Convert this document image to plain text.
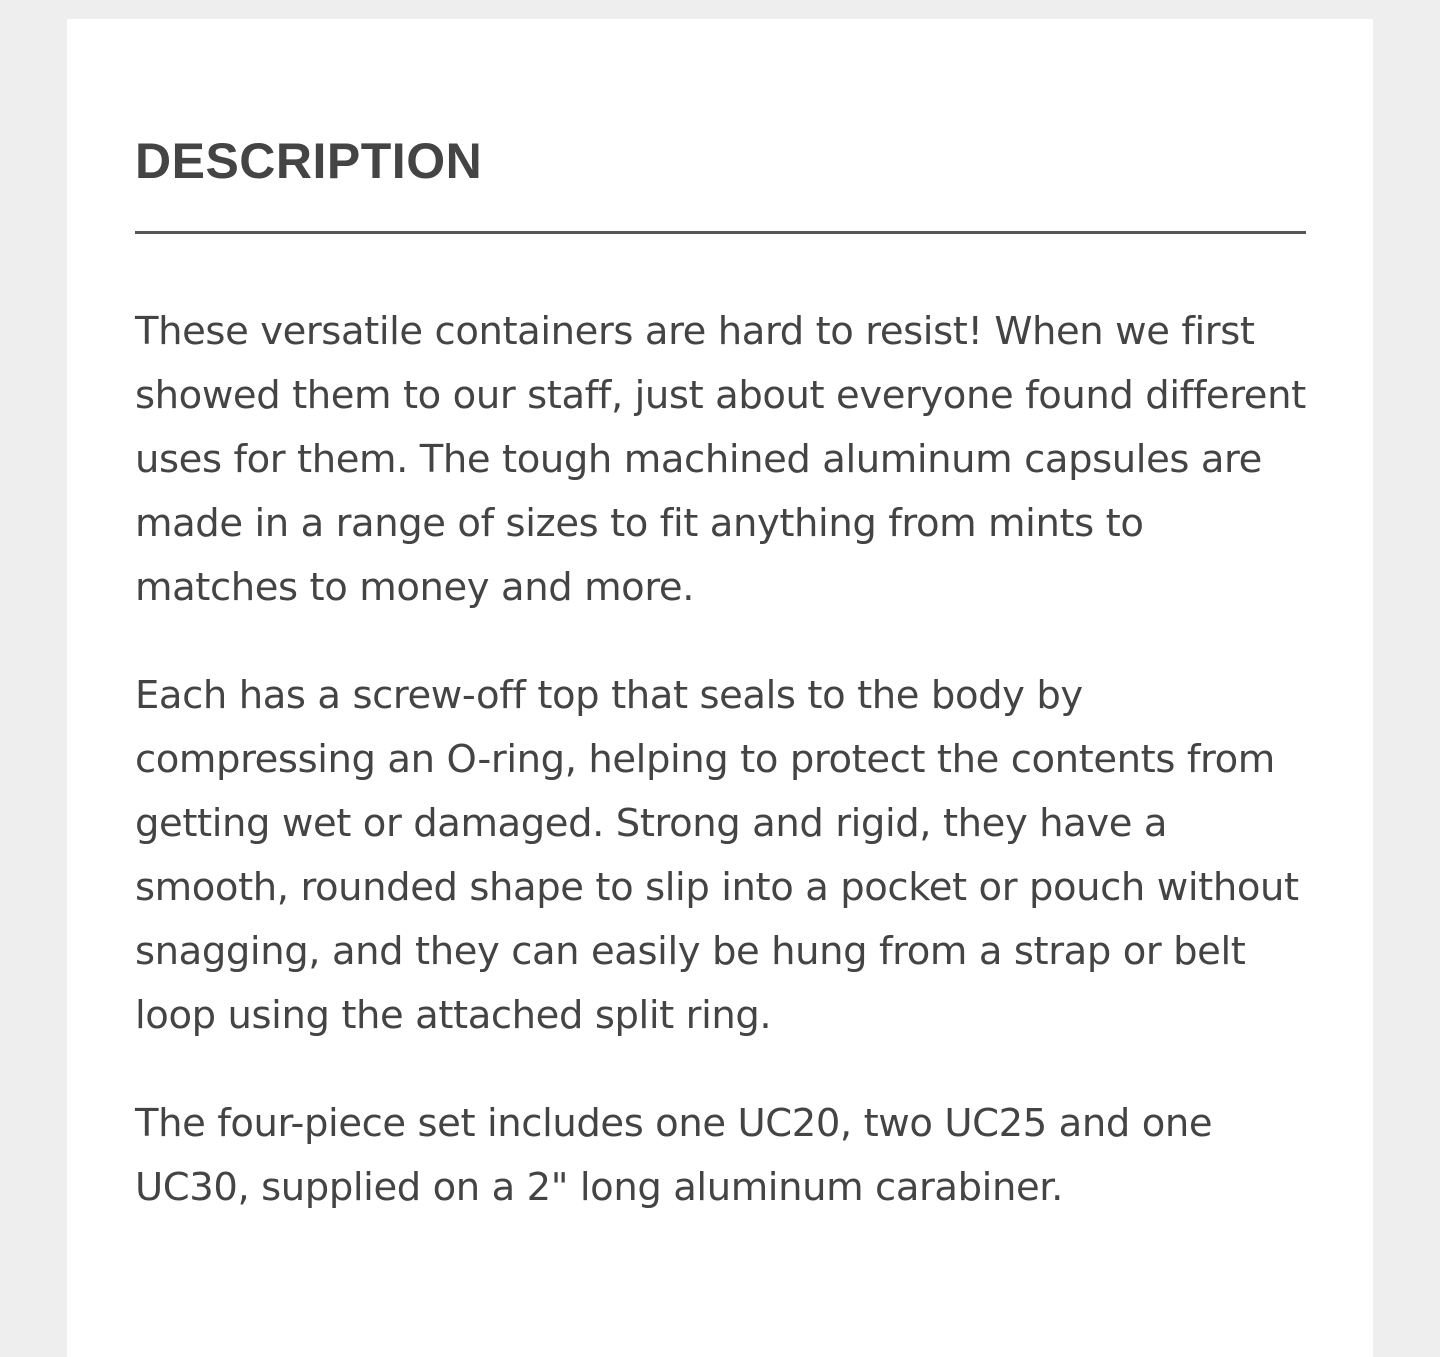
DESCRIPTION

These versatile containers are hard to resist! When we first showed them to our staff, just about everyone found different uses for them. The tough machined aluminum capsules are made in a range of sizes to fit anything from mints to matches to money and more.

Each has a screw-off top that seals to the body by compressing an O-ring, helping to protect the contents from getting wet or damaged. Strong and rigid, they have a smooth, rounded shape to slip into a pocket or pouch without snagging, and they can easily be hung from a strap or belt loop using the attached split ring.

The four-piece set includes one UC20, two UC25 and one UC30, supplied on a 2" long aluminum carabiner.
